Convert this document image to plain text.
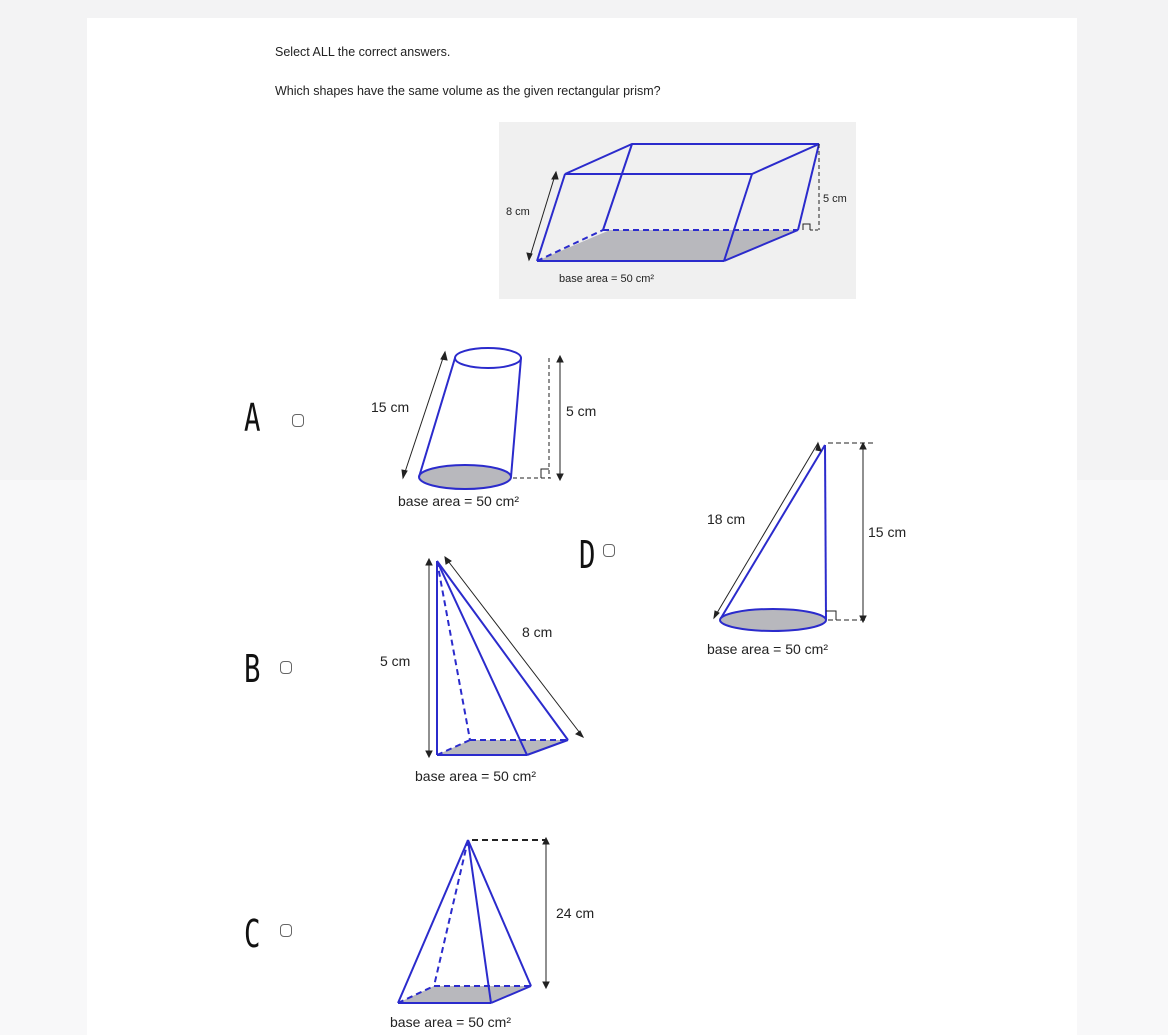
Select ALL the correct answers.
Which shapes have the same volume as the given rectangular prism?
8 cm
5 cm
base area = 50 cm²
A	15 cm	5 cm
base area = 50 cm²
B	5 cm
8 cm
base area = 50 cm²
C	24 cm
base area = 50 cm²
D
18 cm
15 cm
base area = 50 cm²
